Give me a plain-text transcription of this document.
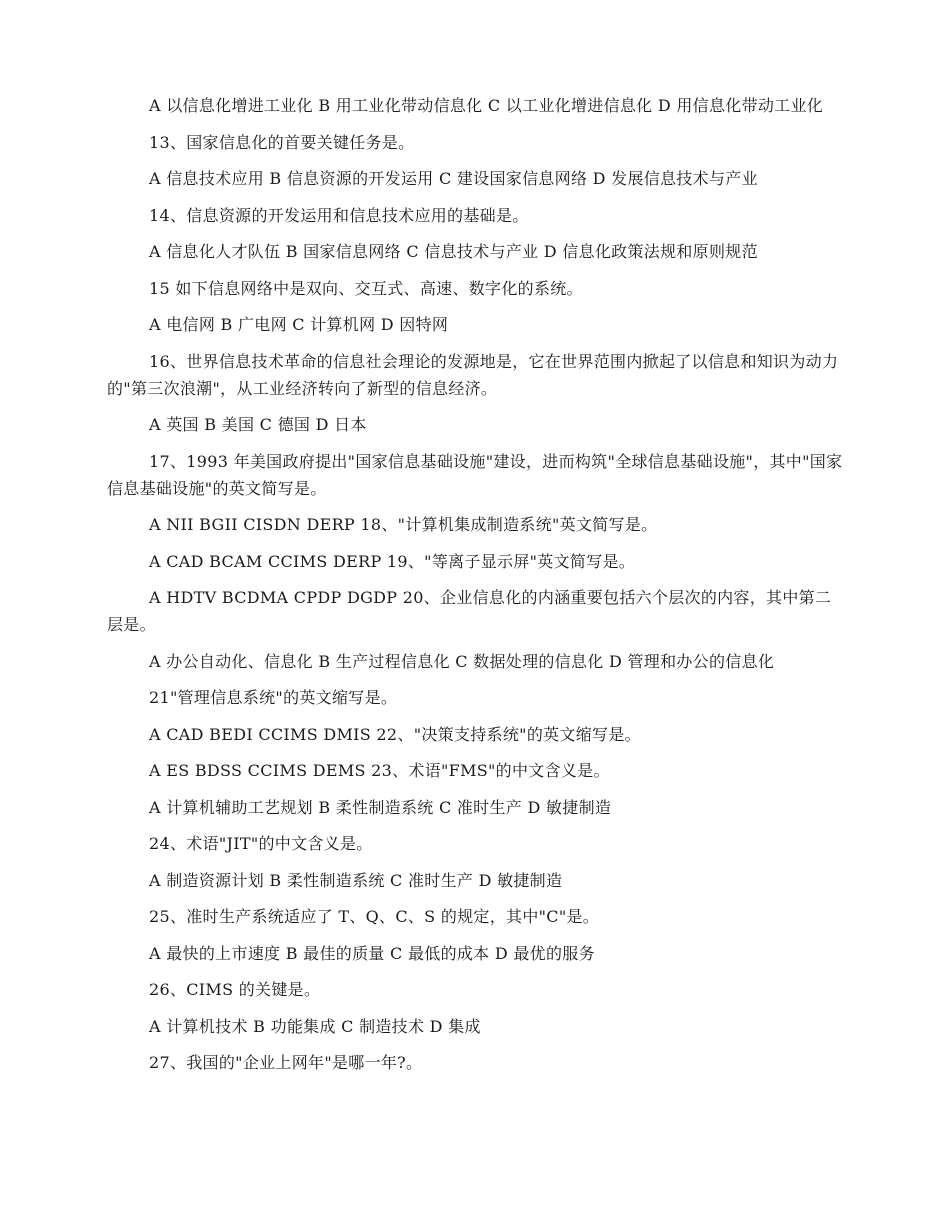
A 以信息化增进工业化 B 用工业化带动信息化 C 以工业化增进信息化 D 用信息化带动工业化

13、国家信息化的首要关键任务是。

A 信息技术应用 B 信息资源的开发运用 C 建设国家信息网络 D 发展信息技术与产业

14、信息资源的开发运用和信息技术应用的基础是。

A 信息化人才队伍 B 国家信息网络 C 信息技术与产业 D 信息化政策法规和原则规范

15 如下信息网络中是双向、交互式、高速、数字化的系统。

A 电信网 B 广电网 C 计算机网 D 因特网

16、世界信息技术革命的信息社会理论的发源地是，它在世界范围内掀起了以信息和知识为动力的"第三次浪潮"，从工业经济转向了新型的信息经济。

A 英国 B 美国 C 德国 D 日本

17、1993 年美国政府提出"国家信息基础设施"建设，进而构筑"全球信息基础设施"，其中"国家信息基础设施"的英文简写是。

A NII BGII CISDN DERP 18、"计算机集成制造系统"英文简写是。

A CAD BCAM CCIMS DERP 19、"等离子显示屏"英文简写是。

A HDTV BCDMA CPDP DGDP 20、企业信息化的内涵重要包括六个层次的内容，其中第二层是。

A 办公自动化、信息化 B 生产过程信息化 C 数据处理的信息化 D 管理和办公的信息化

21"管理信息系统"的英文缩写是。

A CAD BEDI CCIMS DMIS 22、"决策支持系统"的英文缩写是。

A ES BDSS CCIMS DEMS 23、术语"FMS"的中文含义是。

A 计算机辅助工艺规划 B 柔性制造系统 C 准时生产 D 敏捷制造

24、术语"JIT"的中文含义是。

A 制造资源计划 B 柔性制造系统 C 准时生产 D 敏捷制造

25、准时生产系统适应了 T、Q、C、S 的规定，其中"C"是。

A 最快的上市速度 B 最佳的质量 C 最低的成本 D 最优的服务

26、CIMS 的关键是。

A 计算机技术 B 功能集成 C 制造技术 D 集成

27、我国的"企业上网年"是哪一年?。
